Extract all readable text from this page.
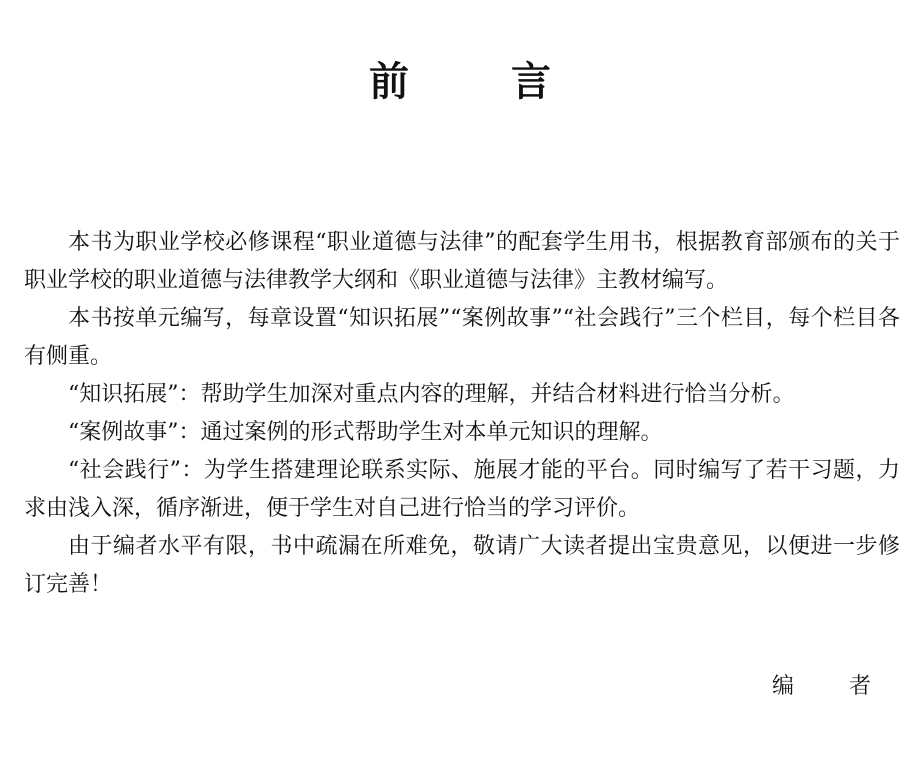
前 言

本书为职业学校必修课程“职业道德与法律”的配套学生用书，根据教育部颁布的关于职业学校的职业道德与法律教学大纲和《职业道德与法律》主教材编写。

本书按单元编写，每章设置“知识拓展”“案例故事”“社会践行”三个栏目，每个栏目各有侧重。

“知识拓展”：帮助学生加深对重点内容的理解，并结合材料进行恰当分析。

“案例故事”：通过案例的形式帮助学生对本单元知识的理解。

“社会践行”：为学生搭建理论联系实际、施展才能的平台。同时编写了若干习题，力求由浅入深，循序渐进，便于学生对自己进行恰当的学习评价。

由于编者水平有限，书中疏漏在所难免，敬请广大读者提出宝贵意见，以便进一步修订完善！

编 者
